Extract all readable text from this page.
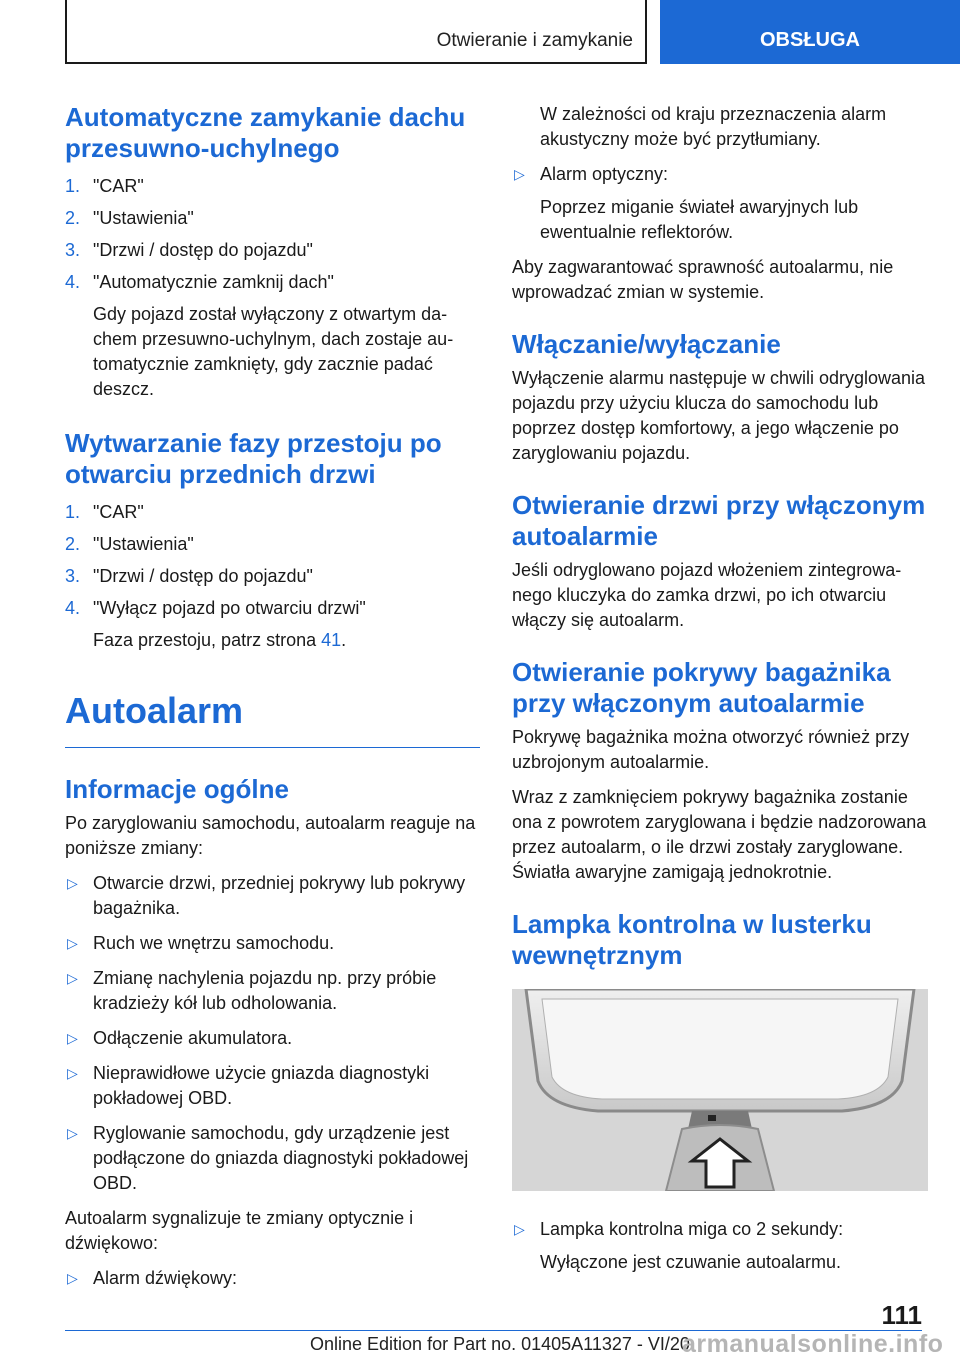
Otwieranie i zamykanie	OBSŁUGA
Automatyczne zamykanie dachu przesuwno-uchylnego
1. "CAR"
2. "Ustawienia"
3. "Drzwi / dostęp do pojazdu"
4. "Automatycznie zamknij dach"
Gdy pojazd został wyłączony z otwartym dachem przesuwno-uchylnym, dach zostaje automatycznie zamknięty, gdy zacznie padać deszcz.
Wytwarzanie fazy przestoju po otwarciu przednich drzwi
1. "CAR"
2. "Ustawienia"
3. "Drzwi / dostęp do pojazdu"
4. "Wyłącz pojazd po otwarciu drzwi"
Faza przestoju, patrz strona 41.
Autoalarm
Informacje ogólne

Po zaryglowaniu samochodu, autoalarm reaguje na poniższe zmiany:

▷ Otwarcie drzwi, przedniej pokrywy lub pokrywy bagażnika.
▷ Ruch we wnętrzu samochodu.
▷ Zmianę nachylenia pojazdu np. przy próbie kradzieży kół lub odholowania.
▷ Odłączenie akumulatora.
▷ Nieprawidłowe użycie gniazda diagnostyki pokładowej OBD.
▷ Ryglowanie samochodu, gdy urządzenie jest podłączone do gniazda diagnostyki pokładowej OBD.

Autoalarm sygnalizuje te zmiany optycznie i dźwiękowo:

▷ Alarm dźwiękowy:

W zależności od kraju przeznaczenia alarm akustyczny może być przytłumiany.

▷ Alarm optyczny:
Poprzez miganie świateł awaryjnych lub ewentualnie reflektorów.

Aby zagwarantować sprawność autoalarmu, nie wprowadzać zmian w systemie.

Włączanie/wyłączanie

Wyłączenie alarmu następuje w chwili odryglowania pojazdu przy użyciu klucza do samochodu lub poprzez dostęp komfortowy, a jego włączenie po zaryglowaniu pojazdu.

Otwieranie drzwi przy włączonym autoalarmie

Jeśli odryglowano pojazd włożeniem zintegrowanego kluczyka do zamka drzwi, po ich otwarciu włączy się autoalarm.

Otwieranie pokrywy bagażnika przy włączonym autoalarmie

Pokrywę bagażnika można otworzyć również przy uzbrojonym autoalarmie.

Wraz z zamknięciem pokrywy bagażnika zostanie ona z powrotem zaryglowana i będzie nadzorowana przez autoalarm, o ile drzwi zostały zaryglowane. Światła awaryjne zamigają jednokrotnie.

Lampka kontrolna w lusterku wewnętrznym
▷ Lampka kontrolna miga co 2 sekundy:
Wyłączone jest czuwanie autoalarmu.
111
Online Edition for Part no. 01405A11327 - VI/20
armanualsonline.info
